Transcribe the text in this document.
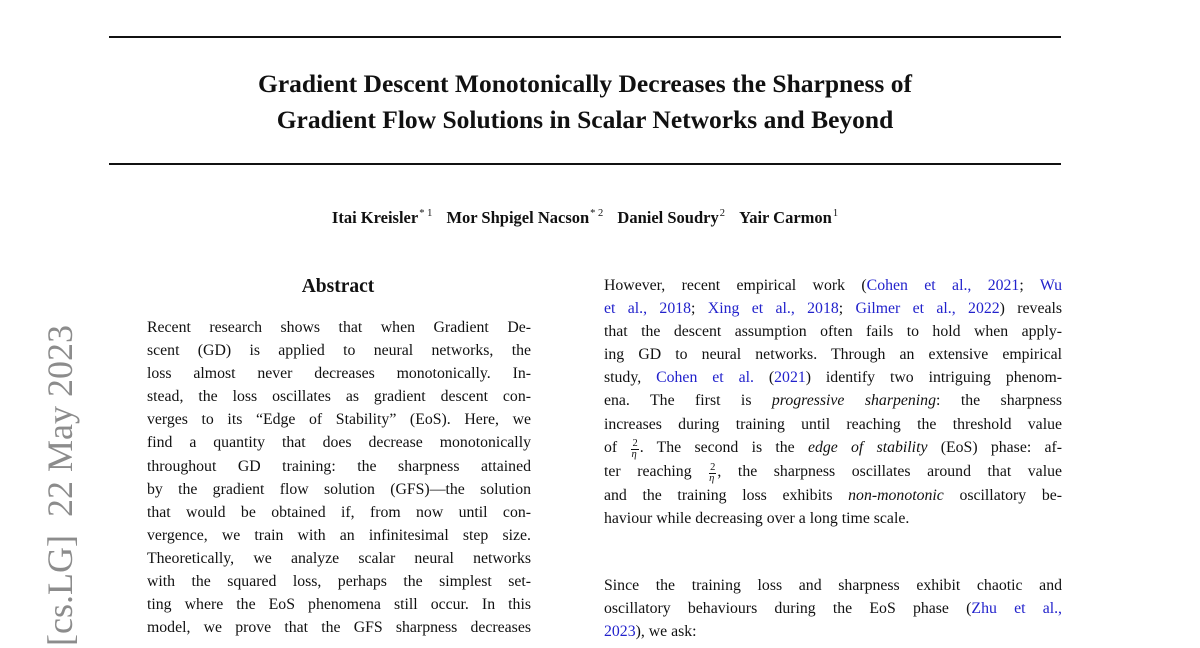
Gradient Descent Monotonically Decreases the Sharpness of
Gradient Flow Solutions in Scalar Networks and Beyond
Itai Kreisler$^{* 1}$ Mor Shpigel Nacson$^{* 2}$ Daniel Soudry$^2$ Yair Carmon$^1$
[cs.LG]22 May 2023
Abstract
Recent research shows that when Gradient De-
scent (GD) is applied to neural networks, the
loss almost never decreases monotonically. In-
stead, the loss oscillates as gradient descent con-
verges to its “Edge of Stability” (EoS). Here, we
find a quantity that does decrease monotonically
throughout GD training: the sharpness attained
by the gradient flow solution (GFS)—the solution
that would be obtained if, from now until con-
vergence, we train with an infinitesimal step size.
Theoretically, we analyze scalar neural networks
with the squared loss, perhaps the simplest set-
ting where the EoS phenomena still occur. In this
model, we prove that the GFS sharpness decreases
However, recent empirical work (Cohen et al., 2021; Wu
et al., 2018; Xing et al., 2018; Gilmer et al., 2022) reveals
that the descent assumption often fails to hold when apply-
ing GD to neural networks. Through an extensive empirical
study, Cohen et al. (2021) identify two intriguing phenom-
ena. The first is progressive sharpening: the sharpness
increases during training until reaching the threshold value
of $\frac{2}{\eta}$ . The second is the edge of stability (EoS) phase: af-
ter reaching $\frac{2}{\eta}$ , the sharpness oscillates around that value
and the training loss exhibits non-monotonic oscillatory be-
haviour while decreasing over a long time scale.
Since the training loss and sharpness exhibit chaotic and
oscillatory behaviours during the EoS phase (Zhu et al.,
2023), we ask:
